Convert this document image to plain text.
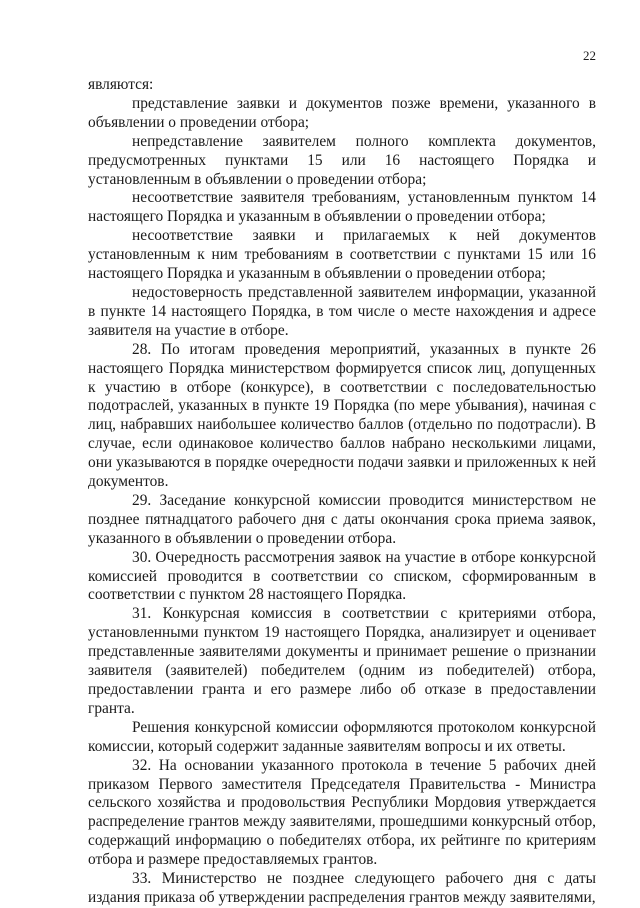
22

являются:

представление заявки и документов позже времени, указанного в объявлении о проведении отбора;

непредставление заявителем полного комплекта документов, предусмотренных пунктами 15 или 16 настоящего Порядка и установленным в объявлении о проведении отбора;

несоответствие заявителя требованиям, установленным пунктом 14 настоящего Порядка и указанным в объявлении о проведении отбора;

несоответствие заявки и прилагаемых к ней документов установленным к ним требованиям в соответствии с пунктами 15 или 16 настоящего Порядка и указанным в объявлении о проведении отбора;

недостоверность представленной заявителем информации, указанной в пункте 14 настоящего Порядка, в том числе о месте нахождения и адресе заявителя на участие в отборе.

28. По итогам проведения мероприятий, указанных в пункте 26 настоящего Порядка министерством формируется список лиц, допущенных к участию в отборе (конкурсе), в соответствии с последовательностью подотраслей, указанных в пункте 19 Порядка (по мере убывания), начиная с лиц, набравших наибольшее количество баллов (отдельно по подотрасли). В случае, если одинаковое количество баллов набрано несколькими лицами, они указываются в порядке очередности подачи заявки и приложенных к ней документов.

29. Заседание конкурсной комиссии проводится министерством не позднее пятнадцатого рабочего дня с даты окончания срока приема заявок, указанного в объявлении о проведении отбора.

30. Очередность рассмотрения заявок на участие в отборе конкурсной комиссией проводится в соответствии со списком, сформированным в соответствии с пунктом 28 настоящего Порядка.

31. Конкурсная комиссия в соответствии с критериями отбора, установленными пунктом 19 настоящего Порядка, анализирует и оценивает представленные заявителями документы и принимает решение о признании заявителя (заявителей) победителем (одним из победителей) отбора, предоставлении гранта и его размере либо об отказе в предоставлении гранта.

Решения конкурсной комиссии оформляются протоколом конкурсной комиссии, который содержит заданные заявителям вопросы и их ответы.

32. На основании указанного протокола в течение 5 рабочих дней приказом Первого заместителя Председателя Правительства - Министра сельского хозяйства и продовольствия Республики Мордовия утверждается распределение грантов между заявителями, прошедшими конкурсный отбор, содержащий информацию о победителях отбора, их рейтинге по критериям отбора и размере предоставляемых грантов.

33. Министерство не позднее следующего рабочего дня с даты издания приказа об утверждении распределения грантов между заявителями,
